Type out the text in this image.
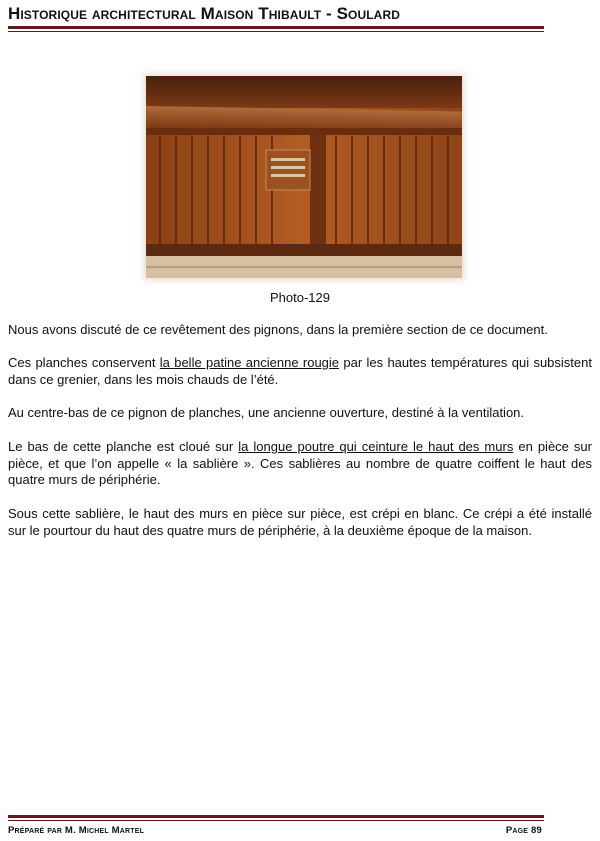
Historique architectural Maison Thibault - Soulard
Photo-129

Nous avons discuté de ce revêtement des pignons, dans la première section de ce document.

Ces planches conservent la belle patine ancienne rougie par les hautes températures qui subsistent dans ce grenier, dans les mois chauds de l’été.

Au centre-bas de ce pignon de planches, une ancienne ouverture, destiné à la ventilation.

Le bas de cette planche est cloué sur la longue poutre qui ceinture le haut des murs en pièce sur pièce, et que l’on appelle « la sablière ». Ces sablières au nombre de quatre coiffent le haut des quatre murs de périphérie.

Sous cette sablière, le haut des murs en pièce sur pièce, est crépi en blanc. Ce crépi a été installé sur le pourtour du haut des quatre murs de périphérie, à la deuxième époque de la maison.

Préparé par M. Michel Martel	Page 89
